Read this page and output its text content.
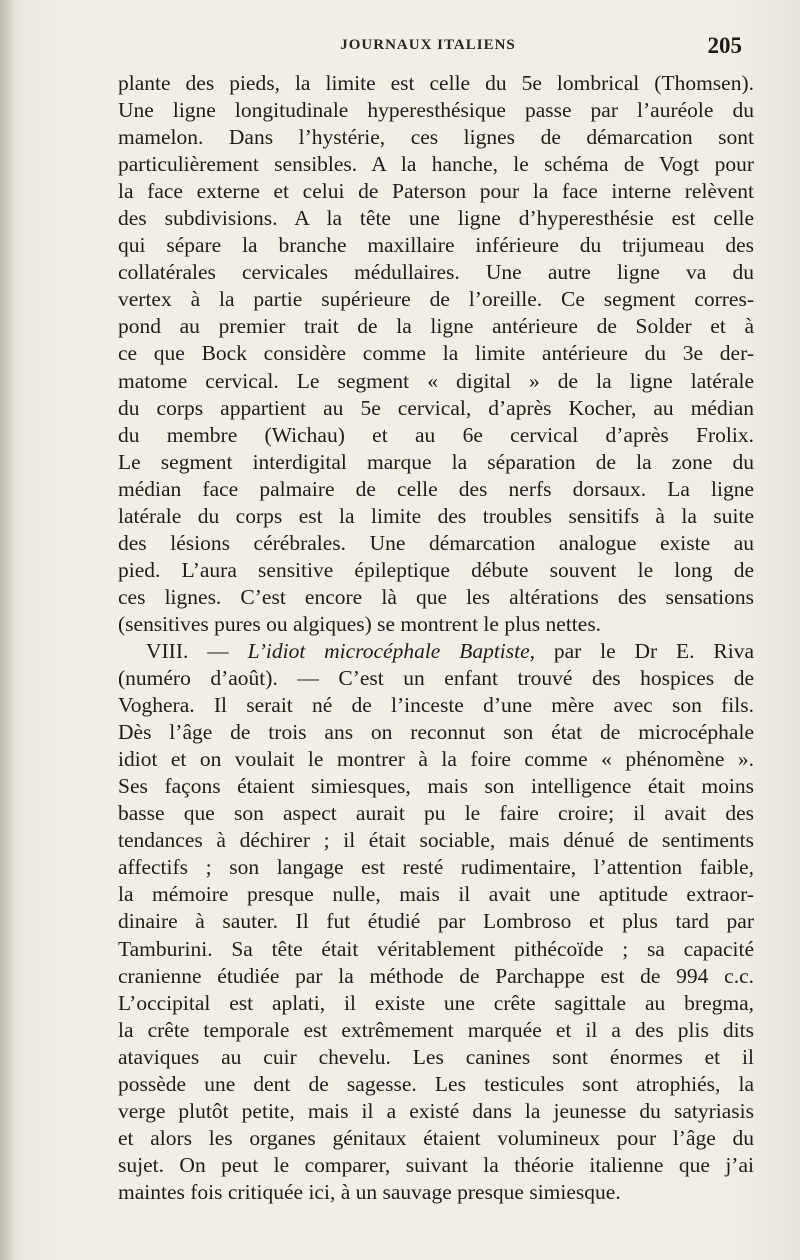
JOURNAUX ITALIENS	205
plante des pieds, la limite est celle du 5e lombrical (Thomsen).
Une ligne longitudinale hyperesthésique passe par l’auréole du
mamelon. Dans l’hystérie, ces lignes de démarcation sont
particulièrement sensibles. A la hanche, le schéma de Vogt pour
la face externe et celui de Paterson pour la face interne relèvent
des subdivisions. A la tête une ligne d’hyperesthésie est celle
qui sépare la branche maxillaire inférieure du trijumeau des
collatérales cervicales médullaires. Une autre ligne va du
vertex à la partie supérieure de l’oreille. Ce segment corres-
pond au premier trait de la ligne antérieure de Solder et à
ce que Bock considère comme la limite antérieure du 3e der-
matome cervical. Le segment « digital » de la ligne latérale
du corps appartient au 5e cervical, d’après Kocher, au médian
du membre (Wichau) et au 6e cervical d’après Frolix.
Le segment interdigital marque la séparation de la zone du
médian face palmaire de celle des nerfs dorsaux. La ligne
latérale du corps est la limite des troubles sensitifs à la suite
des lésions cérébrales. Une démarcation analogue existe au
pied. L’aura sensitive épileptique débute souvent le long de
ces lignes. C’est encore là que les altérations des sensations
(sensitives pures ou algiques) se montrent le plus nettes.
VIII. — L’idiot microcéphale Baptiste, par le Dr E. Riva
(numéro d’août). — C’est un enfant trouvé des hospices de
Voghera. Il serait né de l’inceste d’une mère avec son fils.
Dès l’âge de trois ans on reconnut son état de microcéphale
idiot et on voulait le montrer à la foire comme « phénomène ».
Ses façons étaient simiesques, mais son intelligence était moins
basse que son aspect aurait pu le faire croire; il avait des
tendances à déchirer ; il était sociable, mais dénué de sentiments
affectifs ; son langage est resté rudimentaire, l’attention faible,
la mémoire presque nulle, mais il avait une aptitude extraor-
dinaire à sauter. Il fut étudié par Lombroso et plus tard par
Tamburini. Sa tête était véritablement pithécoïde ; sa capacité
cranienne étudiée par la méthode de Parchappe est de 994 c.c.
L’occipital est aplati, il existe une crête sagittale au bregma,
la crête temporale est extrêmement marquée et il a des plis dits
ataviques au cuir chevelu. Les canines sont énormes et il
possède une dent de sagesse. Les testicules sont atrophiés, la
verge plutôt petite, mais il a existé dans la jeunesse du satyriasis
et alors les organes génitaux étaient volumineux pour l’âge du
sujet. On peut le comparer, suivant la théorie italienne que j’ai
maintes fois critiquée ici, à un sauvage presque simiesque.
